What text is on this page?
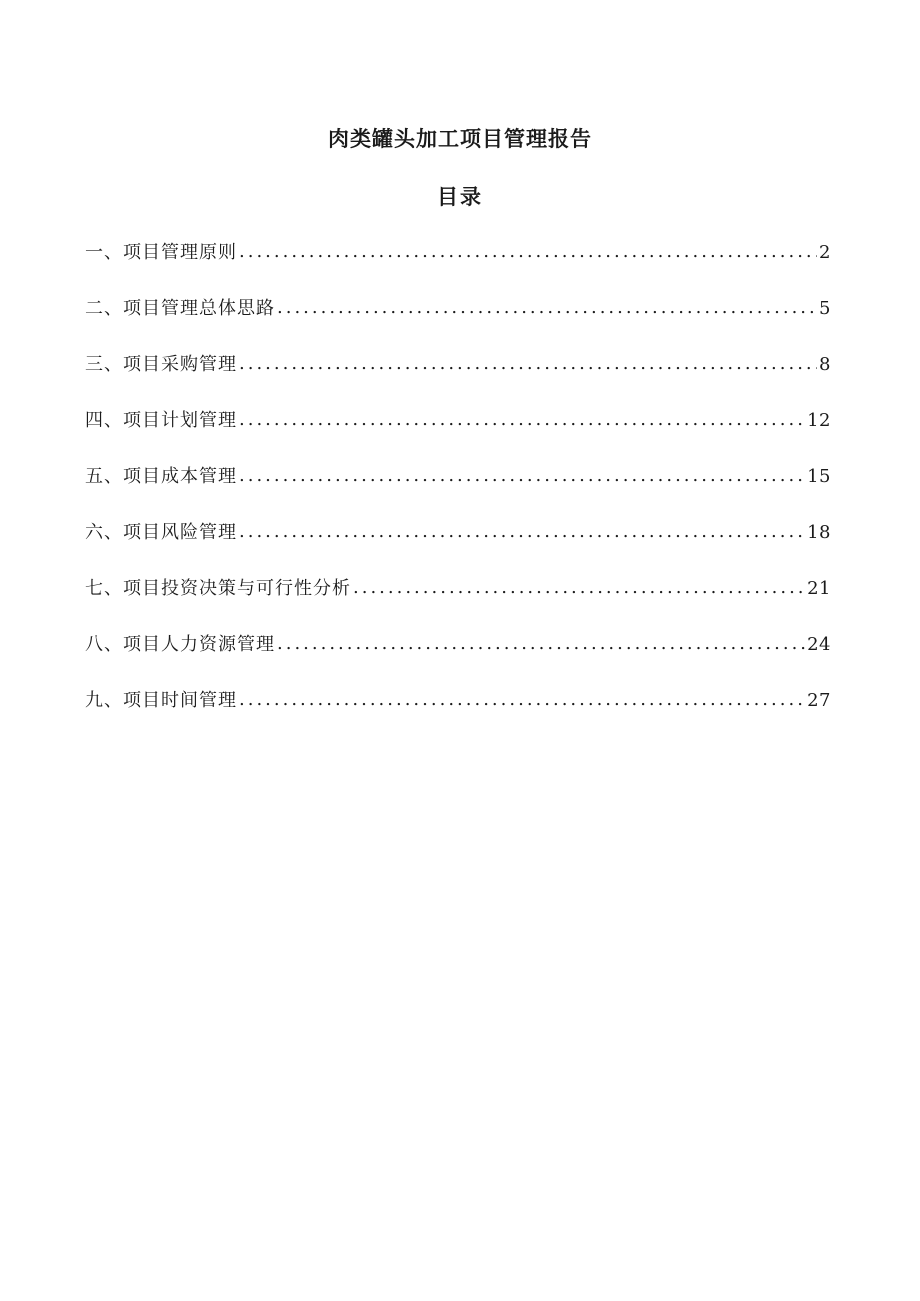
肉类罐头加工项目管理报告
目录
一、项目管理原则 .....	2
二、项目管理总体思路 .....	5
三、项目采购管理 .....	8
四、项目计划管理 .....	12
五、项目成本管理 .....	15
六、项目风险管理 .....	18
七、项目投资决策与可行性分析 .....	21
八、项目人力资源管理 .....	24
九、项目时间管理 .....	27
